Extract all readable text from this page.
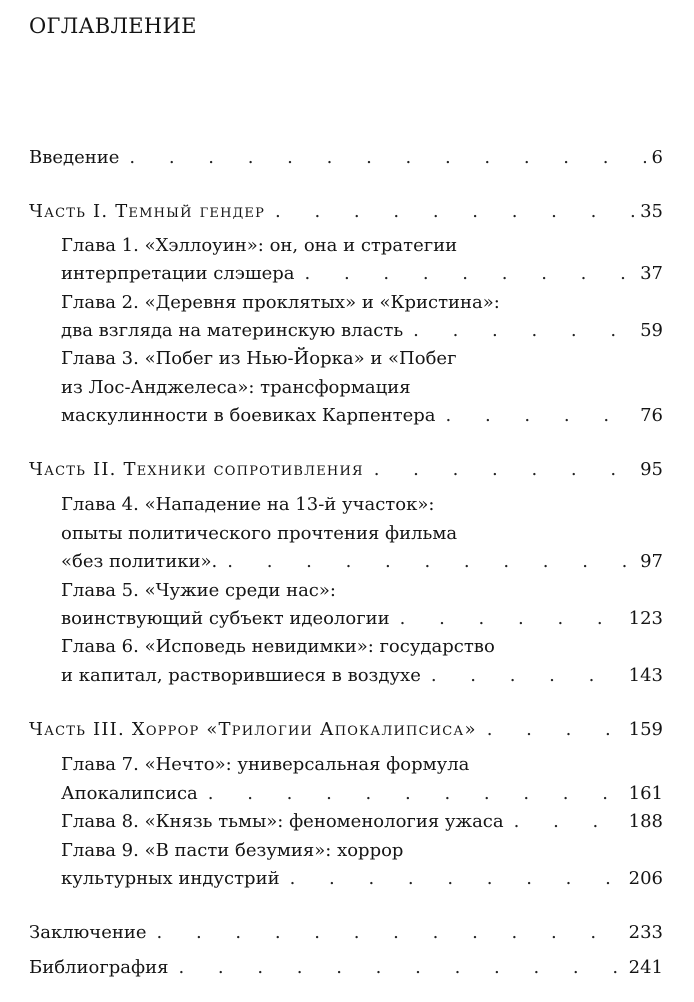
ОГЛАВЛЕНИЕ
Введение . . .	6
Часть I. Темный гендер . . .	35
Глава 1. «Хэллоуин»: он, она и стратегии
интерпретации слэшера . . .	37
Глава 2. «Деревня проклятых» и «Кристина»:
два взгляда на материнскую власть . . .	59
Глава 3. «Побег из Нью-Йорка» и «Побег
из Лос-Анджелеса»: трансформация
маскулинности в боевиках Карпентера . . .	76
Часть II. Техники сопротивления . . .	95
Глава 4. «Нападение на 13-й участок»:
опыты политического прочтения фильма
«без политики». . . .	97
Глава 5. «Чужие среди нас»:
воинствующий субъект идеологии . . .	123
Глава 6. «Исповедь невидимки»: государство
и капитал, растворившиеся в воздухе . . .	143
Часть III. Хоррор «Трилогии Апокалипсиса» . . .	159
Глава 7. «Нечто»: универсальная формула
Апокалипсиса . . .	161
Глава 8. «Князь тьмы»: феноменология ужаса . . .	188
Глава 9. «В пасти безумия»: хоррор
культурных индустрий . . .	206
Заключение . . .	233
Библиография . . .	241
